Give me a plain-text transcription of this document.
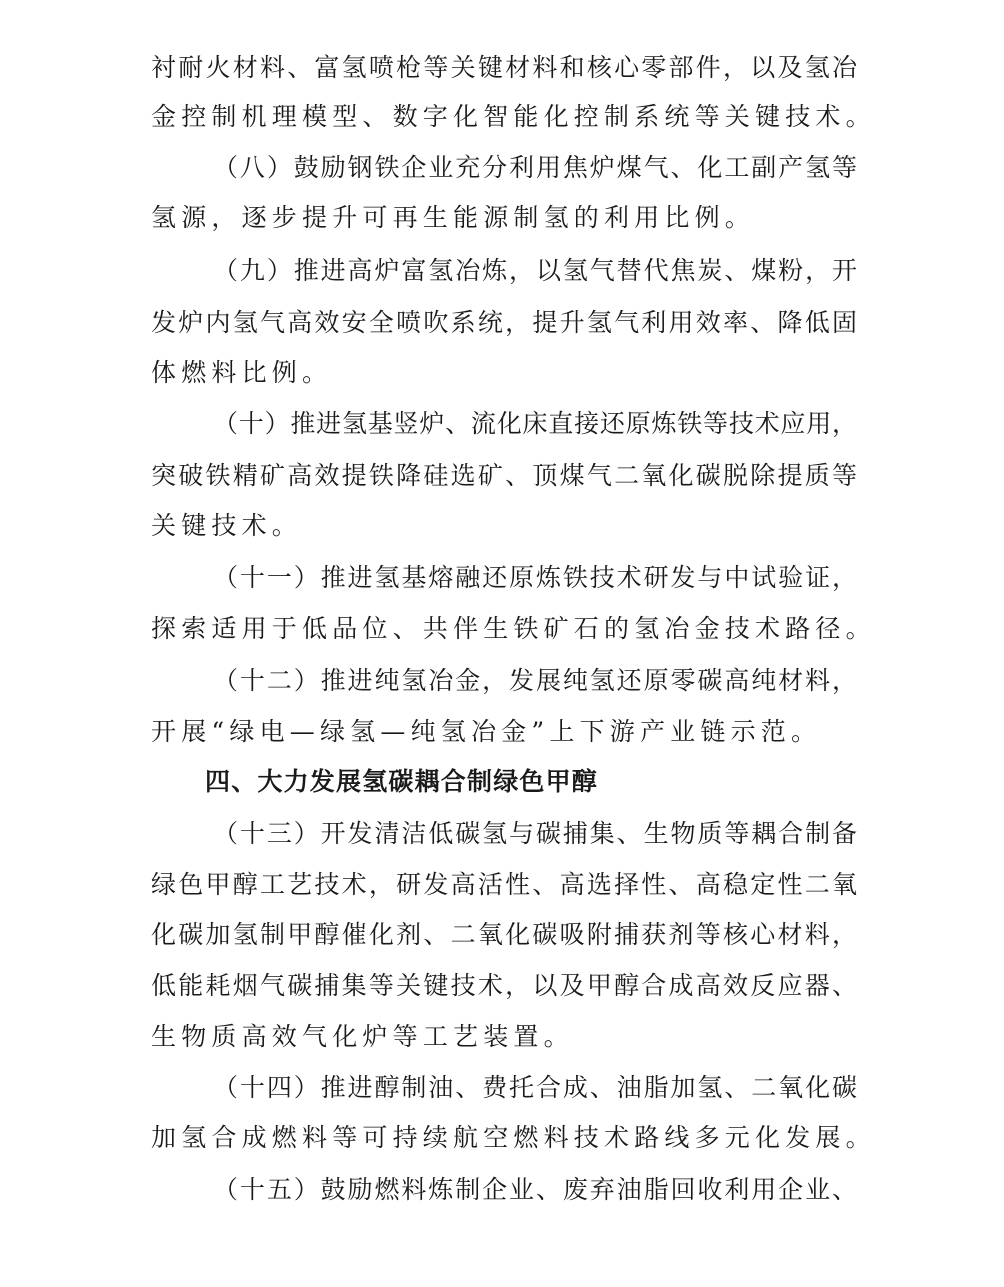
衬耐火材料、富氢喷枪等关键材料和核心零部件，以及氢冶
金控制机理模型、数字化智能化控制系统等关键技术。
（八）鼓励钢铁企业充分利用焦炉煤气、化工副产氢等
氢源，逐步提升可再生能源制氢的利用比例。
（九）推进高炉富氢冶炼，以氢气替代焦炭、煤粉，开
发炉内氢气高效安全喷吹系统，提升氢气利用效率、降低固
体燃料比例。
（十）推进氢基竖炉、流化床直接还原炼铁等技术应用，
突破铁精矿高效提铁降硅选矿、顶煤气二氧化碳脱除提质等
关键技术。
（十一）推进氢基熔融还原炼铁技术研发与中试验证，
探索适用于低品位、共伴生铁矿石的氢冶金技术路径。
（十二）推进纯氢冶金，发展纯氢还原零碳高纯材料，
开展“绿电—绿氢—纯氢冶金”上下游产业链示范。
四、大力发展氢碳耦合制绿色甲醇
（十三）开发清洁低碳氢与碳捕集、生物质等耦合制备
绿色甲醇工艺技术，研发高活性、高选择性、高稳定性二氧
化碳加氢制甲醇催化剂、二氧化碳吸附捕获剂等核心材料，
低能耗烟气碳捕集等关键技术，以及甲醇合成高效反应器、
生物质高效气化炉等工艺装置。
（十四）推进醇制油、费托合成、油脂加氢、二氧化碳
加氢合成燃料等可持续航空燃料技术路线多元化发展。
（十五）鼓励燃料炼制企业、废弃油脂回收利用企业、
